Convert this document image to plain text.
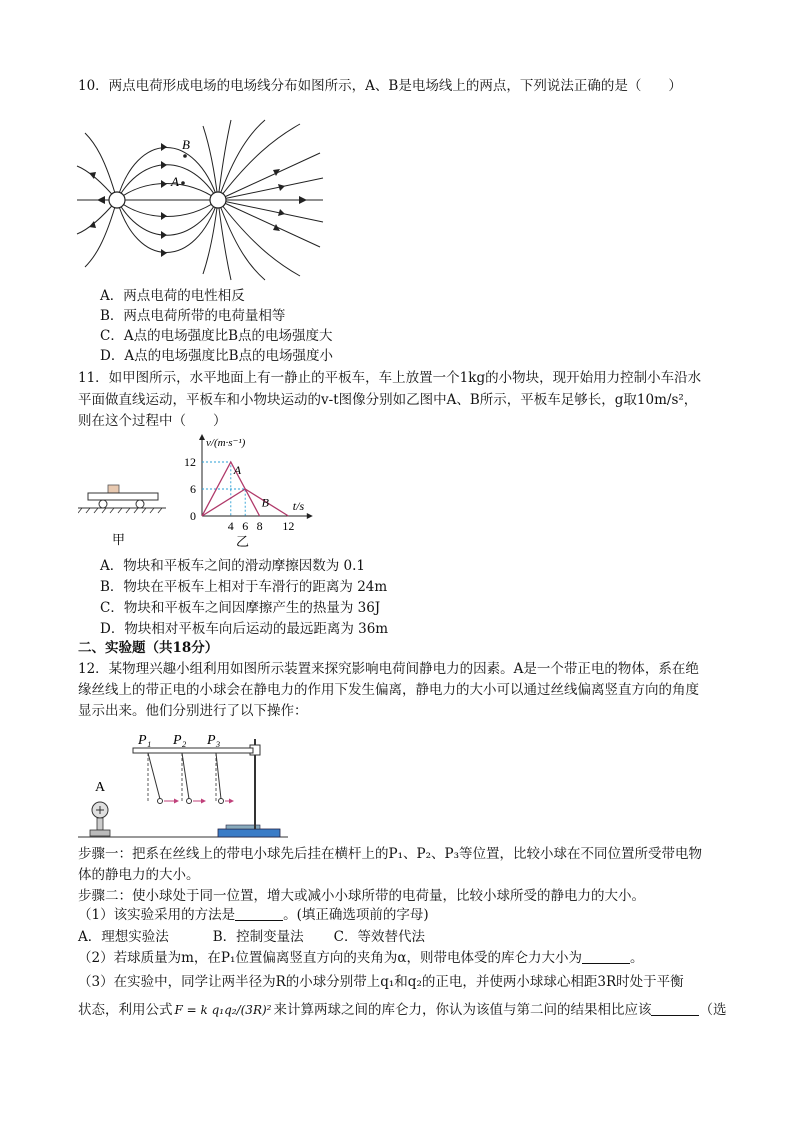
10．两点电荷形成电场的电场线分布如图所示，A、B是电场线上的两点，下列说法正确的是（　　）
B
A
A．两点电荷的电性相反
B．两点电荷所带的电荷量相等
C．A点的电场强度比B点的电场强度大
D．A点的电场强度比B点的电场强度小
11．如甲图所示，水平地面上有一静止的平板车，车上放置一个1kg的小物块，现开始用力控制小车沿水
平面做直线运动，平板车和小物块运动的v-t图像分别如乙图中A、B所示，平板车足够长，g取10m/s²，
则在这个过程中（　　）
甲
A
B
12
6
0
4 6 8 12
v/(m·s⁻¹)
t/s
乙
A．物块和平板车之间的滑动摩擦因数为 0.1
B．物块在平板车上相对于车滑行的距离为 24m
C．物块和平板车之间因摩擦产生的热量为 36J
D．物块相对平板车向后运动的最远距离为 36m
二、实验题（共18分）
12．某物理兴趣小组利用如图所示装置来探究影响电荷间静电力的因素。A是一个带正电的物体，系在绝
缘丝线上的带正电的小球会在静电力的作用下发生偏离，静电力的大小可以通过丝线偏离竖直方向的角度
显示出来。他们分别进行了以下操作：
A
P₁ P₂ P₃
步骤一：把系在丝线上的带电小球先后挂在横杆上的P₁、P₂、P₃等位置，比较小球在不同位置所受带电物
体的静电力的大小。
步骤二：使小球处于同一位置，增大或减小小球所带的电荷量，比较小球所受的静电力的大小。
（1）该实验采用的方法是	。(填正确选项前的字母)
A．理想实验法	B．控制变量法 C．等效替代法
（2）若球质量为m，在P₁位置偏离竖直方向的夹角为α，则带电体受的库仑力大小为	。
（3）在实验中，同学让两半径为R的小球分别带上q₁和q₂的正电，并使两小球球心相距3R时处于平衡
状态，利用公式 F = k q₁q₂/(3R)² 来计算两球之间的库仑力，你认为该值与第二问的结果相比应该	（选
